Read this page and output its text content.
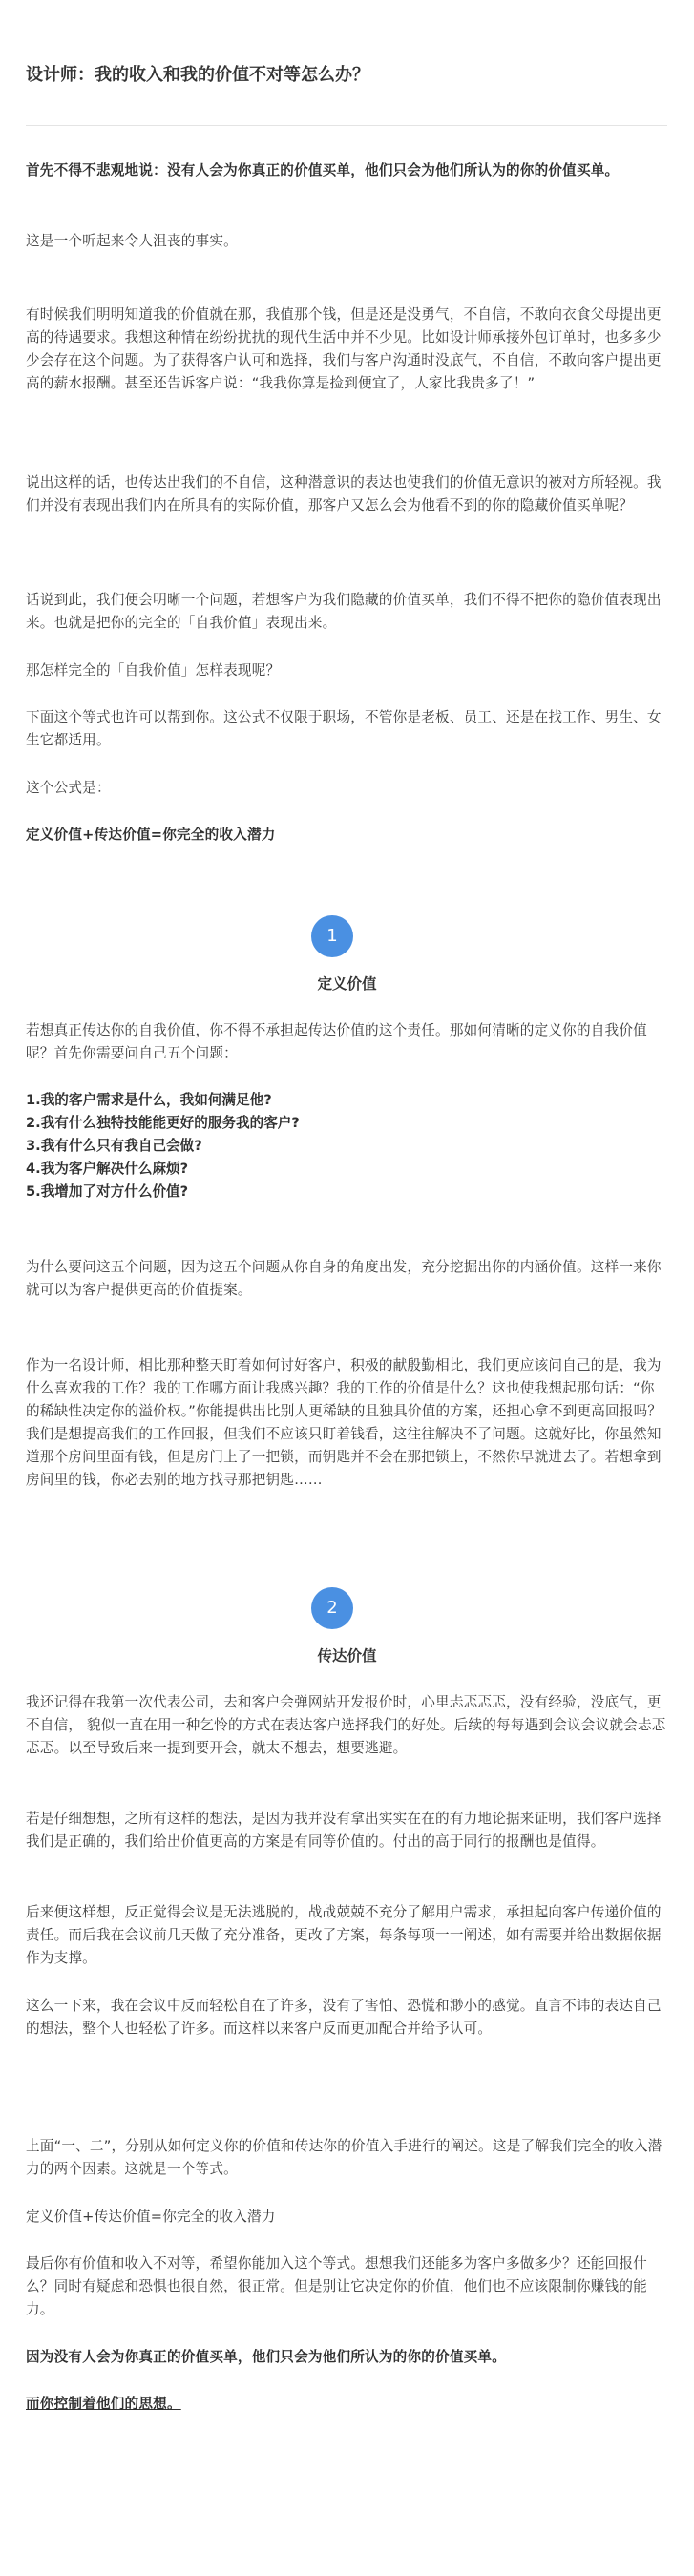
设计师：我的收入和我的价值不对等怎么办？

首先不得不悲观地说：没有人会为你真正的价值买单，他们只会为他们所认为的你的价值买单。

这是一个听起来令人沮丧的事实。

有时候我们明明知道我的价值就在那，我值那个钱，但是还是没勇气，不自信，不敢向衣食父母提出更高的待遇要求。我想这种情在纷纷扰扰的现代生活中并不少见。比如设计师承接外包订单时，也多多少少会存在这个问题。为了获得客户认可和选择，我们与客户沟通时没底气，不自信，不敢向客户提出更高的薪水报酬。甚至还告诉客户说：“我我你算是捡到便宜了，人家比我贵多了！”

说出这样的话，也传达出我们的不自信，这种潜意识的表达也使我们的价值无意识的被对方所轻视。我们并没有表现出我们内在所具有的实际价值，那客户又怎么会为他看不到的你的隐藏价值买单呢？

话说到此，我们便会明晰一个问题，若想客户为我们隐藏的价值买单，我们不得不把你的隐价值表现出来。也就是把你的完全的「自我价值」表现出来。

那怎样完全的「自我价值」怎样表现呢？

下面这个等式也许可以帮到你。这公式不仅限于职场，不管你是老板、员工、还是在找工作、男生、女生它都适用。

这个公式是：

定义价值+传达价值=你完全的收入潜力

1
定义价值

若想真正传达你的自我价值，你不得不承担起传达价值的这个责任。那如何清晰的定义你的自我价值呢？首先你需要问自己五个问题：

1.我的客户需求是什么，我如何满足他?
2.我有什么独特技能能更好的服务我的客户?
3.我有什么只有我自己会做?
4.我为客户解决什么麻烦?
5.我增加了对方什么价值?

为什么要问这五个问题，因为这五个问题从你自身的角度出发，充分挖掘出你的内涵价值。这样一来你就可以为客户提供更高的价值提案。

作为一名设计师，相比那种整天盯着如何讨好客户，积极的献殷勤相比，我们更应该问自己的是，我为什么喜欢我的工作？我的工作哪方面让我感兴趣？我的工作的价值是什么？这也使我想起那句话：“你的稀缺性决定你的溢价权。”你能提供出比别人更稀缺的且独具价值的方案，还担心拿不到更高回报吗？我们是想提高我们的工作回报，但我们不应该只盯着钱看，这往往解决不了问题。这就好比，你虽然知道那个房间里面有钱，但是房门上了一把锁，而钥匙并不会在那把锁上，不然你早就进去了。若想拿到房间里的钱，你必去别的地方找寻那把钥匙……

2
传达价值

我还记得在我第一次代表公司，去和客户会弹网站开发报价时，心里忐忑忑忑，没有经验，没底气，更不自信， 貌似一直在用一种乞怜的方式在表达客户选择我们的好处。后续的每每遇到会议会议就会忐忑忑忑。以至导致后来一提到要开会，就太不想去，想要逃避。

若是仔细想想，之所有这样的想法，是因为我并没有拿出实实在在的有力地论据来证明，我们客户选择我们是正确的，我们给出价值更高的方案是有同等价值的。付出的高于同行的报酬也是值得。

后来便这样想，反正觉得会议是无法逃脱的，战战兢兢不充分了解用户需求，承担起向客户传递价值的责任。而后我在会议前几天做了充分准备，更改了方案，每条每项一一阐述，如有需要并给出数据依据作为支撑。

这么一下来，我在会议中反而轻松自在了许多，没有了害怕、恐慌和渺小的感觉。直言不讳的表达自己的想法，整个人也轻松了许多。而这样以来客户反而更加配合并给予认可。

上面“一、二”，分别从如何定义你的价值和传达你的价值入手进行的阐述。这是了解我们完全的收入潜力的两个因素。这就是一个等式。

定义价值+传达价值=你完全的收入潜力

最后你有价值和收入不对等，希望你能加入这个等式。想想我们还能多为客户多做多少？还能回报什么？同时有疑虑和恐惧也很自然，很正常。但是别让它决定你的价值，他们也不应该限制你赚钱的能力。

因为没有人会为你真正的价值买单，他们只会为他们所认为的你的价值买单。

而你控制着他们的思想。
